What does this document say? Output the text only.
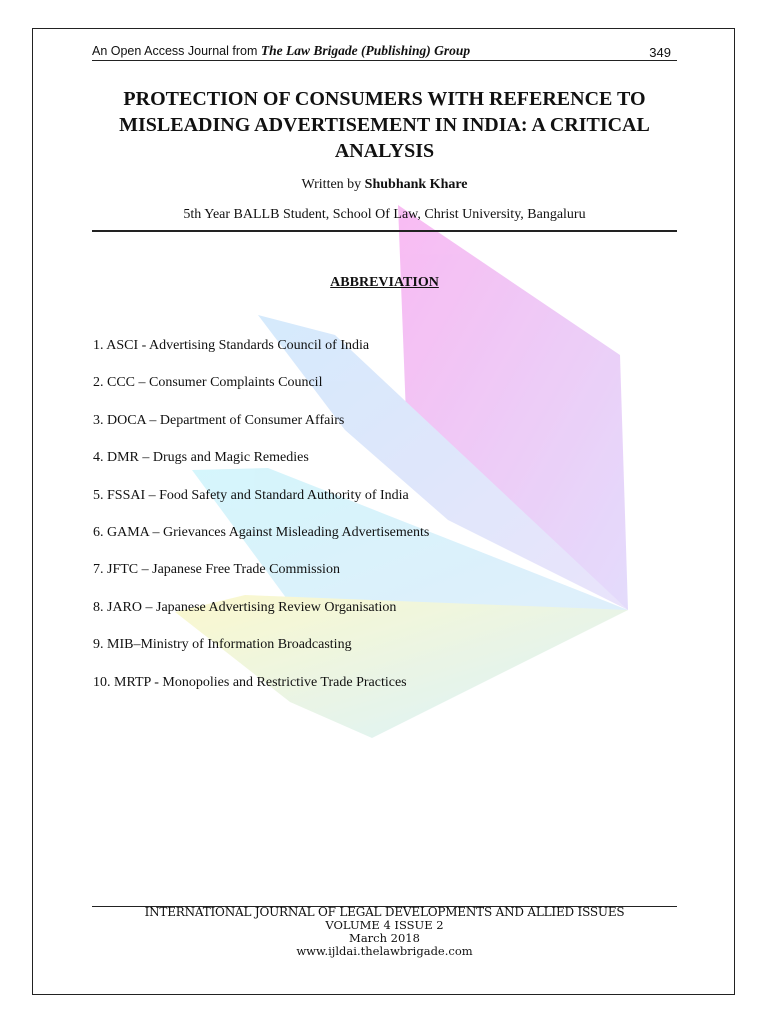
An Open Access Journal from The Law Brigade (Publishing) Group	349
PROTECTION OF CONSUMERS WITH REFERENCE TO MISLEADING ADVERTISEMENT IN INDIA: A CRITICAL ANALYSIS
Written by Shubhank Khare
5th Year BALLB Student, School Of Law, Christ University, Bangaluru
ABBREVIATION
1. ASCI - Advertising Standards Council of India
2. CCC – Consumer Complaints Council
3. DOCA – Department of Consumer Affairs
4. DMR – Drugs and Magic Remedies
5. FSSAI – Food Safety and Standard Authority of India
6. GAMA – Grievances Against Misleading Advertisements
7. JFTC – Japanese Free Trade Commission
8. JARO – Japanese Advertising Review Organisation
9. MIB–Ministry of Information Broadcasting
10. MRTP - Monopolies and Restrictive Trade Practices
INTERNATIONAL JOURNAL OF LEGAL DEVELOPMENTS AND ALLIED ISSUES
VOLUME 4 ISSUE 2
March 2018
www.ijldai.thelawbrigade.com
